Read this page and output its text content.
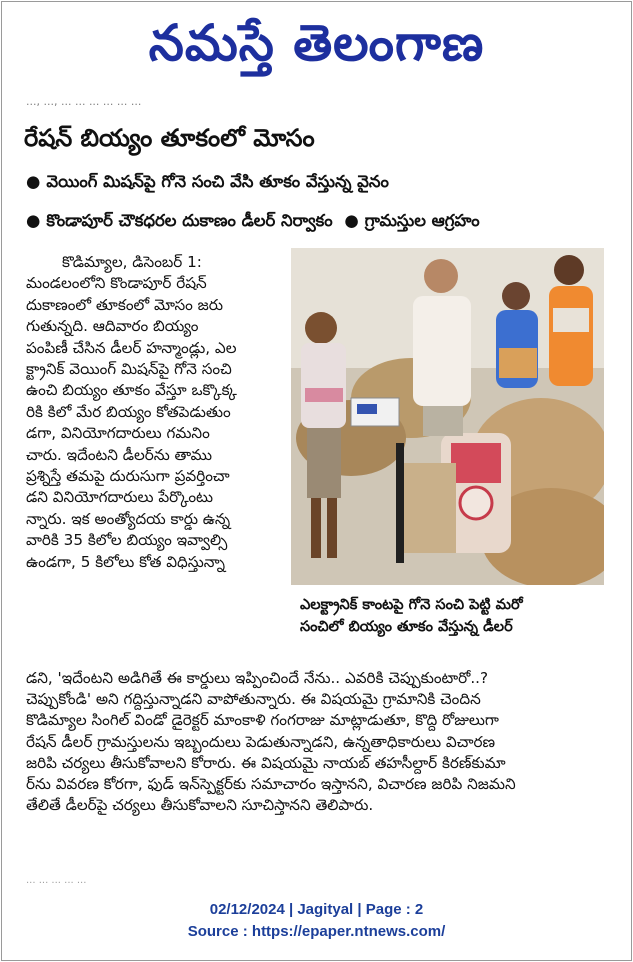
నమస్తే తెలంగాణ
..., ..., ... ... ... ... ... ...
రేషన్ బియ్యం తూకంలో మోసం
● వెయింగ్ మిషన్‌పై గోనె సంచి వేసి తూకం వేస్తున్న వైనం
● కొండాపూర్ చౌకధరల దుకాణం డీలర్ నిర్వాకం ● గ్రామస్తుల ఆగ్రహం

కొడిమ్యాల, డిసెంబర్ 1:

మండలంలోని కొండాపూర్ రేషన్
దుకాణంలో తూకంలో మోసం జరు
గుతున్నది. ఆదివారం బియ్యం
పంపిణీ చేసిన డీలర్ హన్మాండ్లు, ఎల
క్ట్రానిక్ వెయింగ్ మిషన్‌పై గోనె సంచి
ఉంచి బియ్యం తూకం వేస్తూ ఒక్కొక్క
రికి కిలో మేర బియ్యం కోతపెడుతుం
డగా, వినియోగదారులు గమనిం
చారు. ఇదేంటని డీలర్‌ను తాము
ప్రశ్నిస్తే తమపై దురుసుగా ప్రవర్తించా
డని వినియోగదారులు పేర్కొంటు
న్నారు. ఇక అంత్యోదయ కార్డు ఉన్న
వారికి 35 కిలోల బియ్యం ఇవ్వాల్సి
ఉండగా, 5 కిలోలు కోత విధిస్తున్నా
ఎలక్ట్రానిక్ కాంటపై గోనె సంచి పెట్టి మరో
సంచిలో బియ్యం తూకం వేస్తున్న డీలర్
డని, 'ఇదేంటని అడిగితే ఈ కార్డులు ఇప్పించిందే నేను.. ఎవరికి చెప్పుకుంటారో..?
చెప్పుకోండి' అని గద్దిస్తున్నాడని వాపోతున్నారు. ఈ విషయమై గ్రామానికి చెందిన
కొడిమ్యాల సింగిల్ విండో డైరెక్టర్ మాంకాళి గంగరాజు మాట్లాడుతూ, కొద్ది రోజులుగా
రేషన్ డీలర్ గ్రామస్తులను ఇబ్బందులు పెడుతున్నాడని, ఉన్నతాధికారులు విచారణ
జరిపి చర్యలు తీసుకోవాలని కోరారు. ఈ విషయమై నాయబ్ తహసీల్దార్ కిరణ్‌కుమా
ర్‌ను వివరణ కోరగా, ఫుడ్ ఇన్‌స్పెక్టర్‌కు సమాచారం ఇస్తానని, విచారణ జరిపి నిజమని
తేలితే డీలర్‌పై చర్యలు తీసుకోవాలని సూచిస్తానని తెలిపారు.
... ... ... ... ...
02/12/2024 | Jagityal | Page : 2
Source : https://epaper.ntnews.com/
